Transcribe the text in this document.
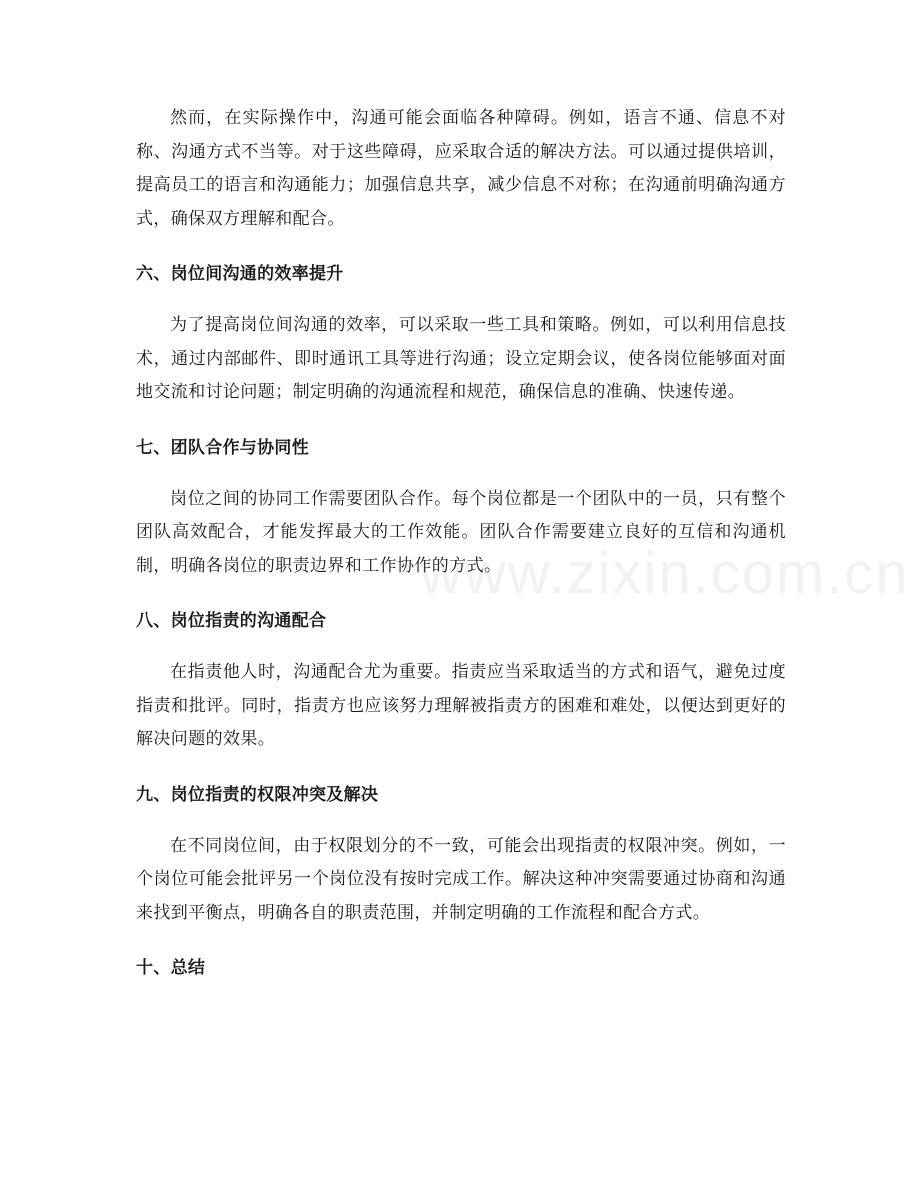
www.zixin.com.cn

然而，在实际操作中，沟通可能会面临各种障碍。例如，语言不通、信息不对称、沟通方式不当等。对于这些障碍，应采取合适的解决方法。可以通过提供培训，提高员工的语言和沟通能力；加强信息共享，减少信息不对称；在沟通前明确沟通方式，确保双方理解和配合。

六、岗位间沟通的效率提升

为了提高岗位间沟通的效率，可以采取一些工具和策略。例如，可以利用信息技术，通过内部邮件、即时通讯工具等进行沟通；设立定期会议，使各岗位能够面对面地交流和讨论问题；制定明确的沟通流程和规范，确保信息的准确、快速传递。

七、团队合作与协同性

岗位之间的协同工作需要团队合作。每个岗位都是一个团队中的一员，只有整个团队高效配合，才能发挥最大的工作效能。团队合作需要建立良好的互信和沟通机制，明确各岗位的职责边界和工作协作的方式。

八、岗位指责的沟通配合

在指责他人时，沟通配合尤为重要。指责应当采取适当的方式和语气，避免过度指责和批评。同时，指责方也应该努力理解被指责方的困难和难处，以便达到更好的解决问题的效果。

九、岗位指责的权限冲突及解决

在不同岗位间，由于权限划分的不一致，可能会出现指责的权限冲突。例如，一个岗位可能会批评另一个岗位没有按时完成工作。解决这种冲突需要通过协商和沟通来找到平衡点，明确各自的职责范围，并制定明确的工作流程和配合方式。

十、总结
